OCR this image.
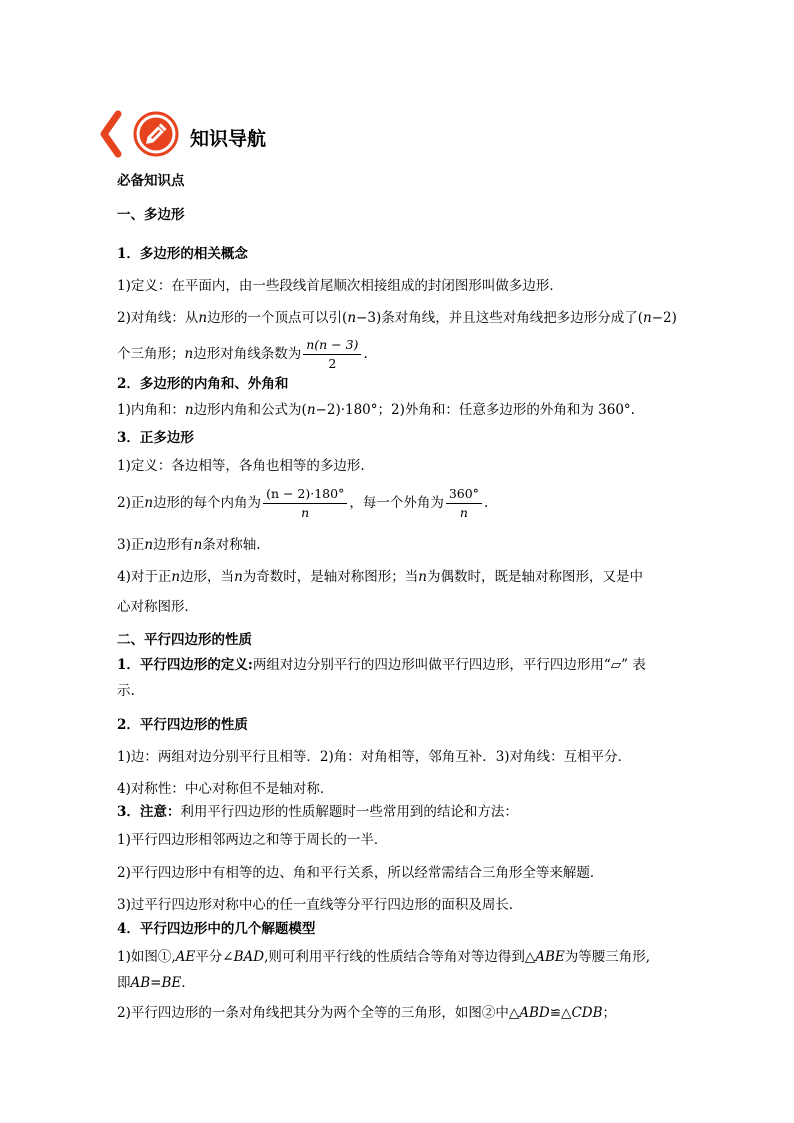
知识导航
必备知识点
一、多边形
1．多边形的相关概念
1)定义：在平面内，由一些段线首尾顺次相接组成的封闭图形叫做多边形．
2)对角线：从n边形的一个顶点可以引(n−3)条对角线，并且这些对角线把多边形分成了(n−2)
个三角形；n边形对角线条数为 $\frac{n(n - 3)}{2}$ .
2．多边形的内角和、外角和
1)内角和：n边形内角和公式为(n−2)·180°；2)外角和：任意多边形的外角和为 360°.
3．正多边形
1)定义：各边相等，各角也相等的多边形.
2)正n边形的每个内角为 $\frac{(n - 2)\cdot 180^\circ}{n}$ ，每一个外角为 $\frac{360^\circ}{n}$ .
3)正n边形有n条对称轴.
4)对于正n边形，当n为奇数时，是轴对称图形；当n为偶数时，既是轴对称图形，又是中
心对称图形．
二、平行四边形的性质
1．平行四边形的定义:两组对边分别平行的四边形叫做平行四边形，平行四边形用“▱” 表
示.
2．平行四边形的性质
1)边：两组对边分别平行且相等．2)角：对角相等，邻角互补．3)对角线：互相平分．
4)对称性：中心对称但不是轴对称．
3．注意：利用平行四边形的性质解题时一些常用到的结论和方法：
1)平行四边形相邻两边之和等于周长的一半．
2)平行四边形中有相等的边、角和平行关系，所以经常需结合三角形全等来解题．
3)过平行四边形对称中心的任一直线等分平行四边形的面积及周长．
4．平行四边形中的几个解题模型
1)如图①,AE平分∠BAD,则可利用平行线的性质结合等角对等边得到△ABE为等腰三角形,
即AB=BE.
2)平行四边形的一条对角线把其分为两个全等的三角形，如图②中△ABD≌△CDB；
